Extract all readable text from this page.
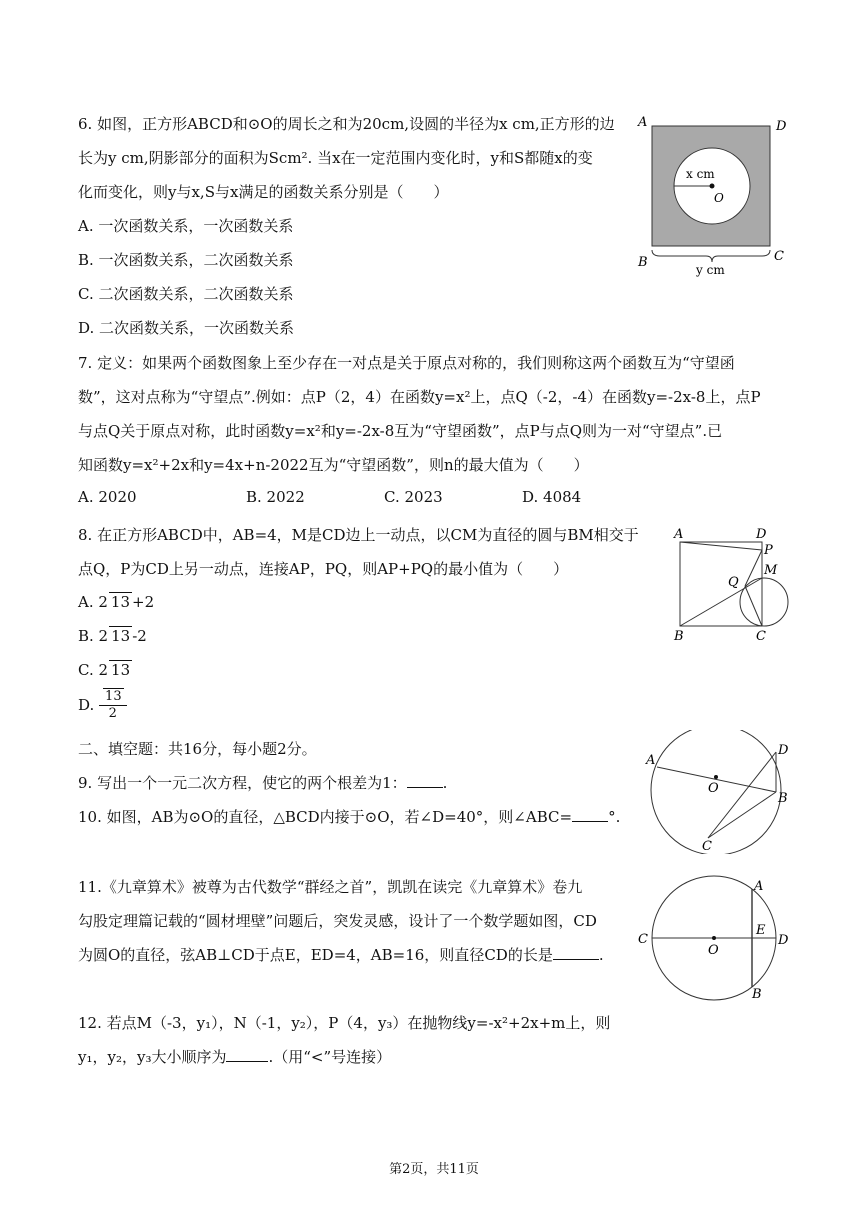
6. 如图，正方形ABCD和⊙O的周长之和为20cm,设圆的半径为x cm,正方形的边
长为y cm,阴影部分的面积为Scm². 当x在一定范围内变化时，y和S都随x的变
化而变化，则y与x,S与x满足的函数关系分别是（　　）
A. 一次函数关系，一次函数关系
B. 一次函数关系，二次函数关系
C. 二次函数关系，二次函数关系
D. 二次函数关系，一次函数关系
x cm
O
A	D
B	C
y cm
7. 定义：如果两个函数图象上至少存在一对点是关于原点对称的，我们则称这两个函数互为“守望函
数”，这对点称为“守望点”.例如：点P（2，4）在函数y=x²上，点Q（-2，-4）在函数y=-2x-8上，点P
与点Q关于原点对称，此时函数y=x²和y=-2x-8互为“守望函数”，点P与点Q则为一对“守望点”.已
知函数y=x²+2x和y=4x+n-2022互为“守望函数”，则n的最大值为（　　）
A. 2020	B. 2022	C. 2023	D. 4084
8. 在正方形ABCD中，AB=4，M是CD边上一动点，以CM为直径的圆与BM相交于
点Q，P为CD上另一动点，连接AP，PQ，则AP+PQ的最小值为（　　）
A. 2 13 +2
B. 2 13 -2
C. 2 13
D. $\frac{13}{2}$
A	D
P
Q
M
B	C
二、填空题：共16分，每小题2分。
9. 写出一个一元二次方程，使它的两个根差为1： .
10. 如图，AB为⊙O的直径，△BCD内接于⊙O，若∠D=40°，则∠ABC= °.
A
D
O
B
C
11.《九章算术》被尊为古代数学“群经之首”，凯凯在读完《九章算术》卷九
勾股定理篇记载的“圆材埋壁”问题后，突发灵感，设计了一个数学题如图，CD
为圆O的直径，弦AB⊥CD于点E，ED=4，AB=16，则直径CD的长是	.
A
C
O
E
D
B
12. 若点M（-3，y₁），N（-1，y₂），P（4，y₃）在抛物线y=-x²+2x+m上，则
y₁，y₂，y₃大小顺序为	.（用“<”号连接）
第2页，共11页
